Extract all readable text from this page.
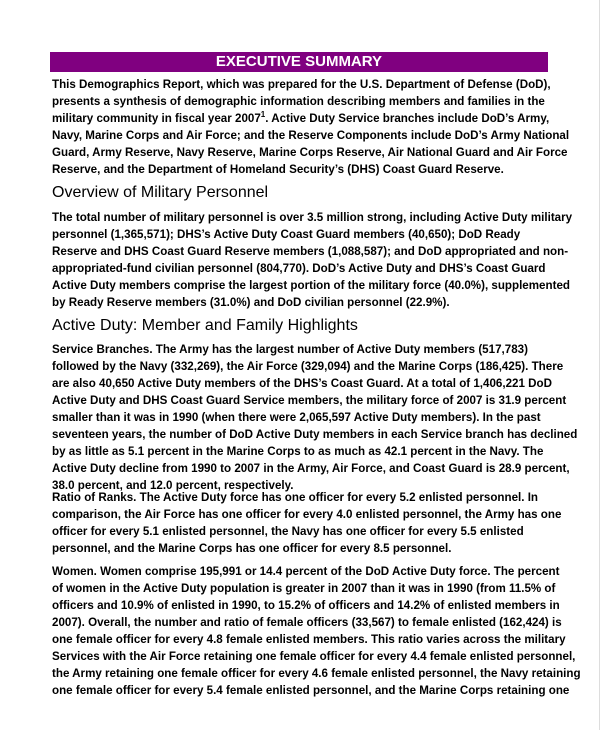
EXECUTIVE SUMMARY
This Demographics Report, which was prepared for the U.S. Department of Defense (DoD),
presents a synthesis of demographic information describing members and families in the
military community in fiscal year 2007$^1$. Active Duty Service branches include DoD’s Army,
Navy, Marine Corps and Air Force; and the Reserve Components include DoD’s Army National
Guard, Army Reserve, Navy Reserve, Marine Corps Reserve, Air National Guard and Air Force
Reserve, and the Department of Homeland Security’s (DHS) Coast Guard Reserve.
Overview of Military Personnel
The total number of military personnel is over 3.5 million strong, including Active Duty military
personnel (1,365,571); DHS’s Active Duty Coast Guard members (40,650); DoD Ready
Reserve and DHS Coast Guard Reserve members (1,088,587); and DoD appropriated and non-
appropriated-fund civilian personnel (804,770). DoD’s Active Duty and DHS’s Coast Guard
Active Duty members comprise the largest portion of the military force (40.0%), supplemented
by Ready Reserve members (31.0%) and DoD civilian personnel (22.9%).
Active Duty: Member and Family Highlights
Service Branches. The Army has the largest number of Active Duty members (517,783)
followed by the Navy (332,269), the Air Force (329,094) and the Marine Corps (186,425). There
are also 40,650 Active Duty members of the DHS’s Coast Guard. At a total of 1,406,221 DoD
Active Duty and DHS Coast Guard Service members, the military force of 2007 is 31.9 percent
smaller than it was in 1990 (when there were 2,065,597 Active Duty members). In the past
seventeen years, the number of DoD Active Duty members in each Service branch has declined
by as little as 5.1 percent in the Marine Corps to as much as 42.1 percent in the Navy. The
Active Duty decline from 1990 to 2007 in the Army, Air Force, and Coast Guard is 28.9 percent,
38.0 percent, and 12.0 percent, respectively.
Ratio of Ranks. The Active Duty force has one officer for every 5.2 enlisted personnel. In
comparison, the Air Force has one officer for every 4.0 enlisted personnel, the Army has one
officer for every 5.1 enlisted personnel, the Navy has one officer for every 5.5 enlisted
personnel, and the Marine Corps has one officer for every 8.5 personnel.
Women. Women comprise 195,991 or 14.4 percent of the DoD Active Duty force. The percent
of women in the Active Duty population is greater in 2007 than it was in 1990 (from 11.5% of
officers and 10.9% of enlisted in 1990, to 15.2% of officers and 14.2% of enlisted members in
2007). Overall, the number and ratio of female officers (33,567) to female enlisted (162,424) is
one female officer for every 4.8 female enlisted members. This ratio varies across the military
Services with the Air Force retaining one female officer for every 4.4 female enlisted personnel,
the Army retaining one female officer for every 4.6 female enlisted personnel, the Navy retaining
one female officer for every 5.4 female enlisted personnel, and the Marine Corps retaining one
